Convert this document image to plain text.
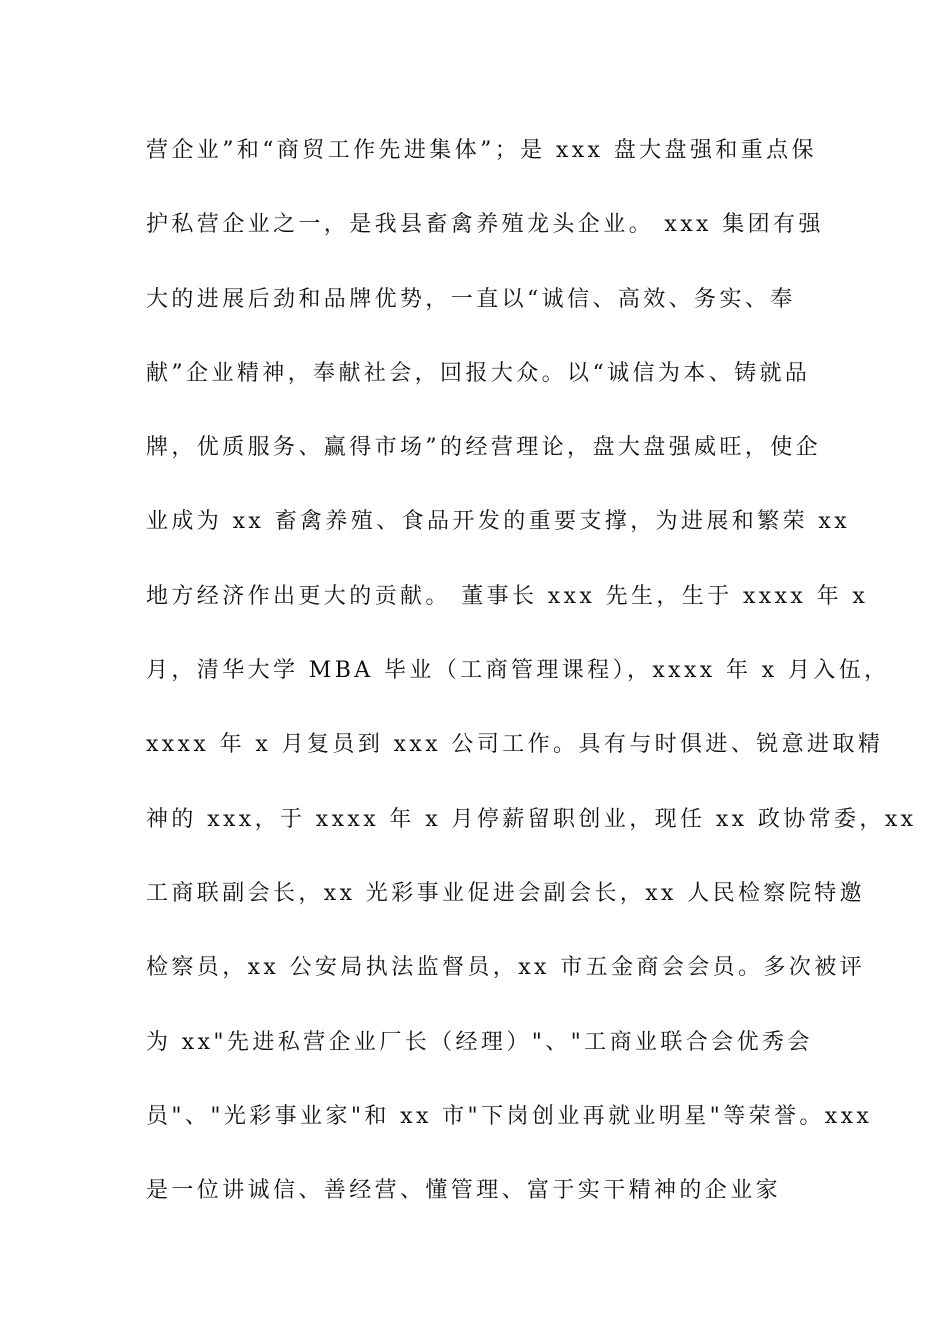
营企业”和“商贸工作先进集体”；是 xxx 盘大盘强和重点保
护私营企业之一，是我县畜禽养殖龙头企业。 xxx 集团有强
大的进展后劲和品牌优势，一直以“诚信、高效、务实、奉
献”企业精神，奉献社会，回报大众。以“诚信为本、铸就品
牌，优质服务、赢得市场”的经营理论，盘大盘强威旺，使企
业成为 xx 畜禽养殖、食品开发的重要支撑，为进展和繁荣 xx
地方经济作出更大的贡献。 董事长 xxx 先生，生于 xxxx 年 x
月，清华大学 MBA 毕业（工商管理课程），xxxx 年 x 月入伍，
xxxx 年 x 月复员到 xxx 公司工作。具有与时俱进、锐意进取精
神的 xxx，于 xxxx 年 x 月停薪留职创业，现任 xx 政协常委，xx
工商联副会长，xx 光彩事业促进会副会长，xx 人民检察院特邀
检察员，xx 公安局执法监督员，xx 市五金商会会员。多次被评
为 xx"先进私营企业厂长（经理）"、"工商业联合会优秀会
员"、"光彩事业家"和 xx 市"下岗创业再就业明星"等荣誉。xxx
是一位讲诚信、善经营、懂管理、富于实干精神的企业家
